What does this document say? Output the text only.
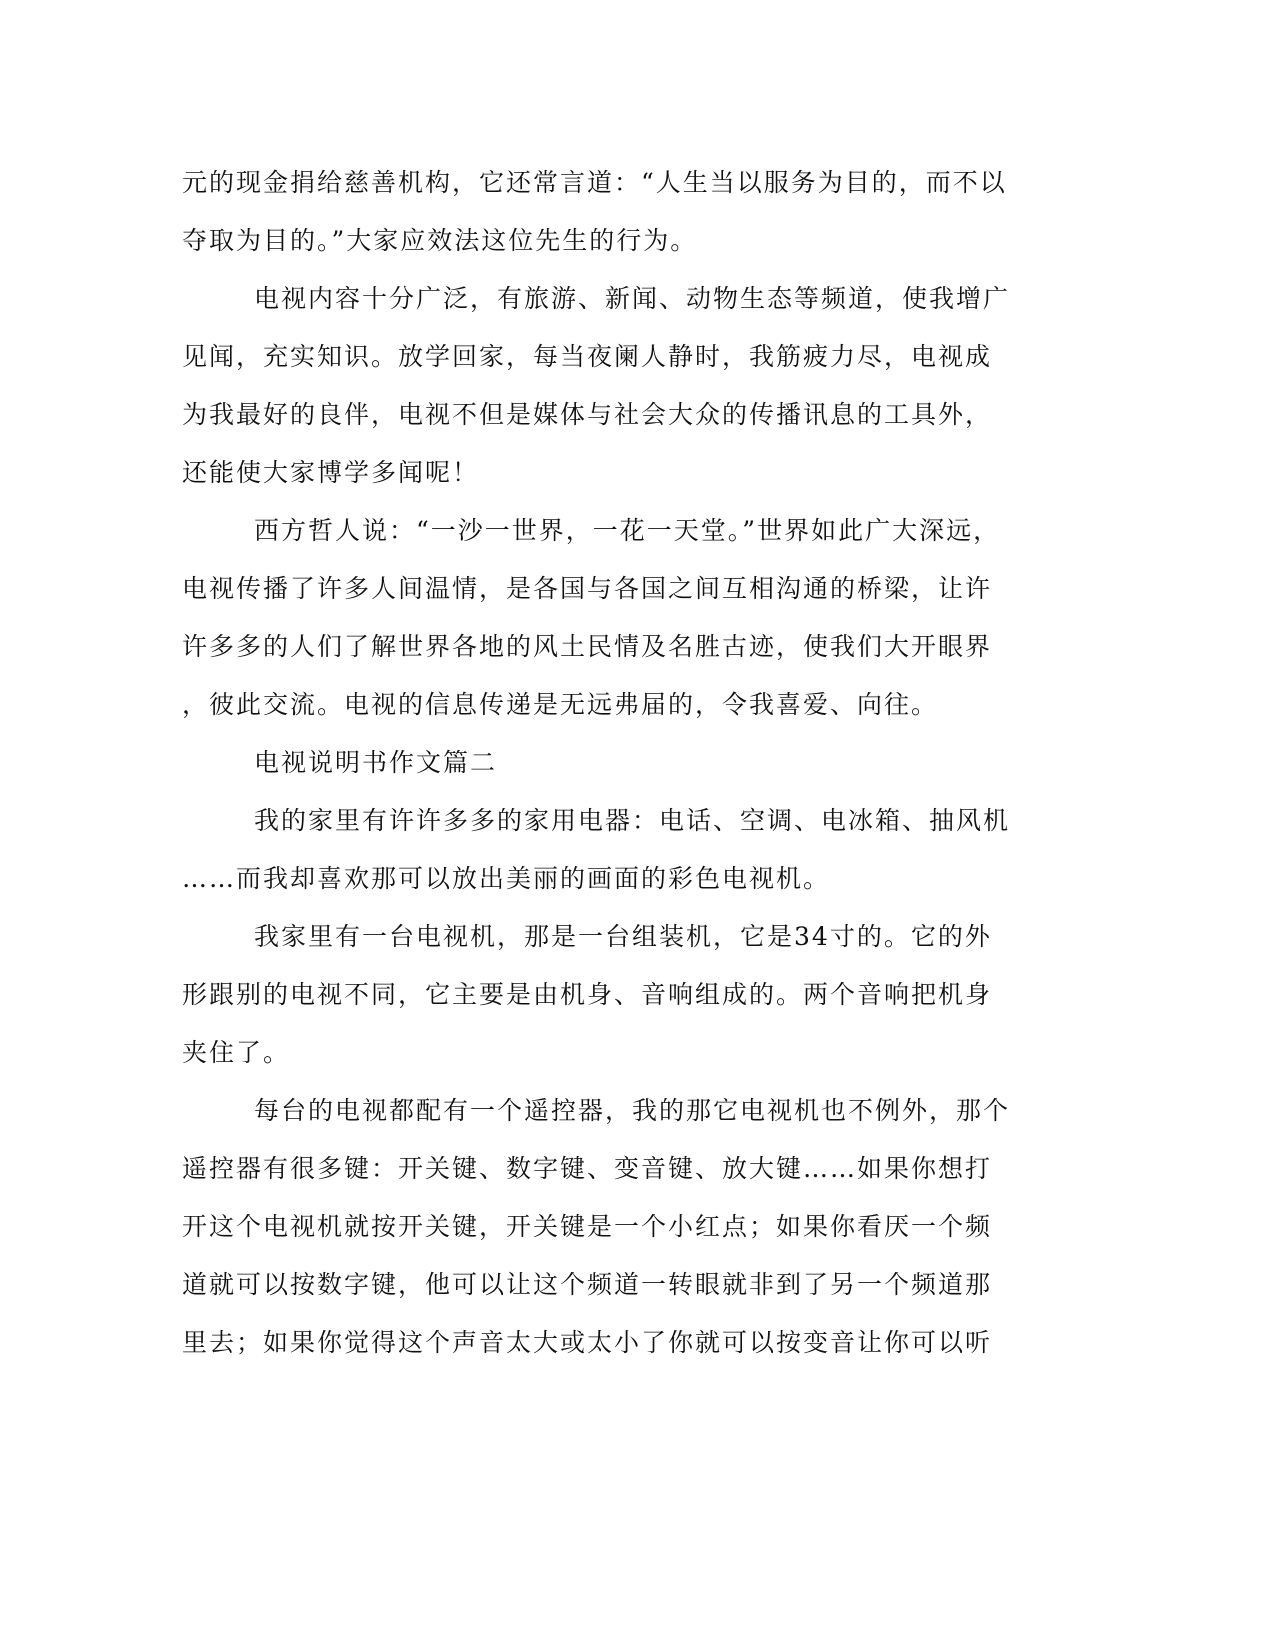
元的现金捐给慈善机构，它还常言道：“人生当以服务为目的，而不以
夺取为目的。”大家应效法这位先生的行为。
电视内容十分广泛，有旅游、新闻、动物生态等频道，使我增广
见闻，充实知识。放学回家，每当夜阑人静时，我筋疲力尽，电视成
为我最好的良伴，电视不但是媒体与社会大众的传播讯息的工具外，
还能使大家博学多闻呢！
西方哲人说：“一沙一世界，一花一天堂。”世界如此广大深远，
电视传播了许多人间温情，是各国与各国之间互相沟通的桥梁，让许
许多多的人们了解世界各地的风土民情及名胜古迹，使我们大开眼界
，彼此交流。电视的信息传递是无远弗届的，令我喜爱、向往。
电视说明书作文篇二
我的家里有许许多多的家用电器：电话、空调、电冰箱、抽风机
……而我却喜欢那可以放出美丽的画面的彩色电视机。
我家里有一台电视机，那是一台组装机，它是34寸的。它的外
形跟别的电视不同，它主要是由机身、音响组成的。两个音响把机身
夹住了。
每台的电视都配有一个遥控器，我的那它电视机也不例外，那个
遥控器有很多键：开关键、数字键、变音键、放大键……如果你想打
开这个电视机就按开关键，开关键是一个小红点；如果你看厌一个频
道就可以按数字键，他可以让这个频道一转眼就非到了另一个频道那
里去；如果你觉得这个声音太大或太小了你就可以按变音让你可以听
